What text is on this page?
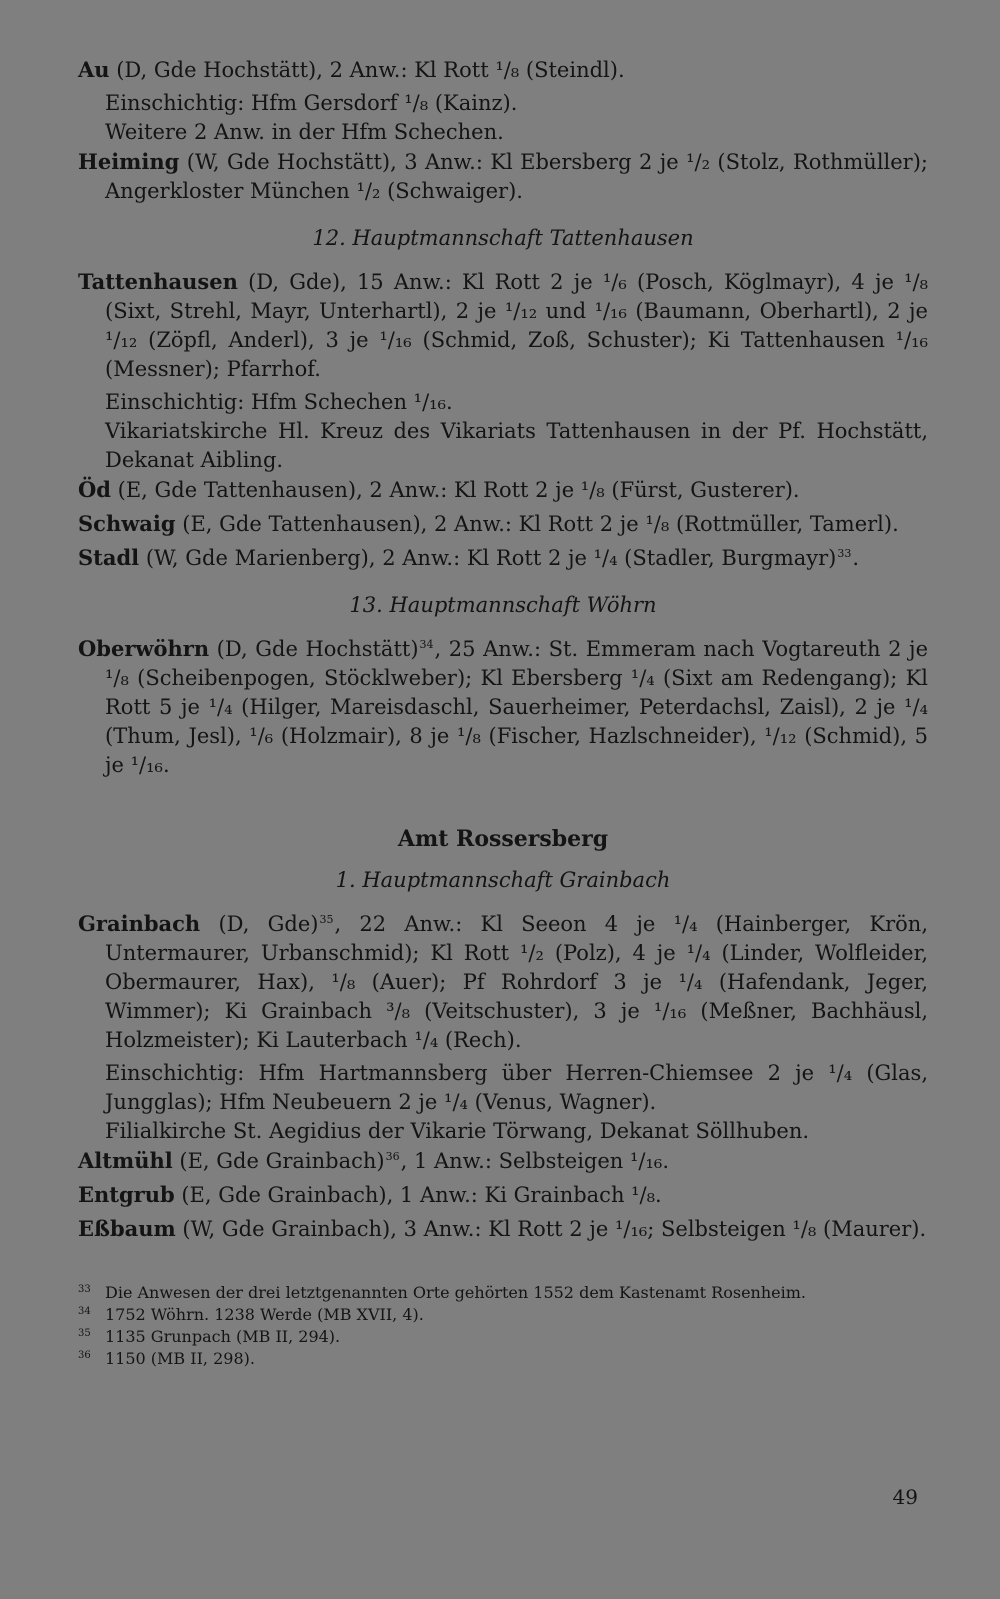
Au (D, Gde Hochstätt), 2 Anw.: Kl Rott ¹/₈ (Steindl).

Einschichtig: Hfm Gersdorf ¹/₈ (Kainz).

Weitere 2 Anw. in der Hfm Schechen.

Heiming (W, Gde Hochstätt), 3 Anw.: Kl Ebersberg 2 je ¹/₂ (Stolz, Rothmüller); Angerkloster München ¹/₂ (Schwaiger).

12. Hauptmannschaft Tattenhausen

Tattenhausen (D, Gde), 15 Anw.: Kl Rott 2 je ¹/₆ (Posch, Köglmayr), 4 je ¹/₈ (Sixt, Strehl, Mayr, Unterhartl), 2 je ¹/₁₂ und ¹/₁₆ (Baumann, Oberhartl), 2 je ¹/₁₂ (Zöpfl, Anderl), 3 je ¹/₁₆ (Schmid, Zoß, Schuster); Ki Tattenhausen ¹/₁₆ (Messner); Pfarrhof.

Einschichtig: Hfm Schechen ¹/₁₆.

Vikariatskirche Hl. Kreuz des Vikariats Tattenhausen in der Pf. Hochstätt, Dekanat Aibling.

Öd (E, Gde Tattenhausen), 2 Anw.: Kl Rott 2 je ¹/₈ (Fürst, Gusterer).

Schwaig (E, Gde Tattenhausen), 2 Anw.: Kl Rott 2 je ¹/₈ (Rottmüller, Tamerl).

Stadl (W, Gde Marienberg), 2 Anw.: Kl Rott 2 je ¹/₄ (Stadler, Burgmayr)$^{33}$.

13. Hauptmannschaft Wöhrn

Oberwöhrn (D, Gde Hochstätt)$^{34}$, 25 Anw.: St. Emmeram nach Vogtareuth 2 je ¹/₈ (Scheibenpogen, Stöcklweber); Kl Ebersberg ¹/₄ (Sixt am Redengang); Kl Rott 5 je ¹/₄ (Hilger, Mareisdaschl, Sauerheimer, Peterdachsl, Zaisl), 2 je ¹/₄ (Thum, Jesl), ¹/₆ (Holzmair), 8 je ¹/₈ (Fischer, Hazlschneider), ¹/₁₂ (Schmid), 5 je ¹/₁₆.

Amt Rossersberg
1. Hauptmannschaft Grainbach

Grainbach (D, Gde)$^{35}$, 22 Anw.: Kl Seeon 4 je ¹/₄ (Hainberger, Krön, Untermaurer, Urbanschmid); Kl Rott ¹/₂ (Polz), 4 je ¹/₄ (Linder, Wolfleider, Obermaurer, Hax), ¹/₈ (Auer); Pf Rohrdorf 3 je ¹/₄ (Hafendank, Jeger, Wimmer); Ki Grainbach ³/₈ (Veitschuster), 3 je ¹/₁₆ (Meßner, Bachhäusl, Holzmeister); Ki Lauterbach ¹/₄ (Rech).

Einschichtig: Hfm Hartmannsberg über Herren-Chiemsee 2 je ¹/₄ (Glas, Jungglas); Hfm Neubeuern 2 je ¹/₄ (Venus, Wagner).

Filialkirche St. Aegidius der Vikarie Törwang, Dekanat Söllhuben.

Altmühl (E, Gde Grainbach)$^{36}$, 1 Anw.: Selbsteigen ¹/₁₆.

Entgrub (E, Gde Grainbach), 1 Anw.: Ki Grainbach ¹/₈.

Eßbaum (W, Gde Grainbach), 3 Anw.: Kl Rott 2 je ¹/₁₆; Selbsteigen ¹/₈ (Maurer).

33 Die Anwesen der drei letztgenannten Orte gehörten 1552 dem Kastenamt Rosenheim.

34 1752 Wöhrn. 1238 Werde (MB XVII, 4).

35 1135 Grunpach (MB II, 294).

36 1150 (MB II, 298).

49
